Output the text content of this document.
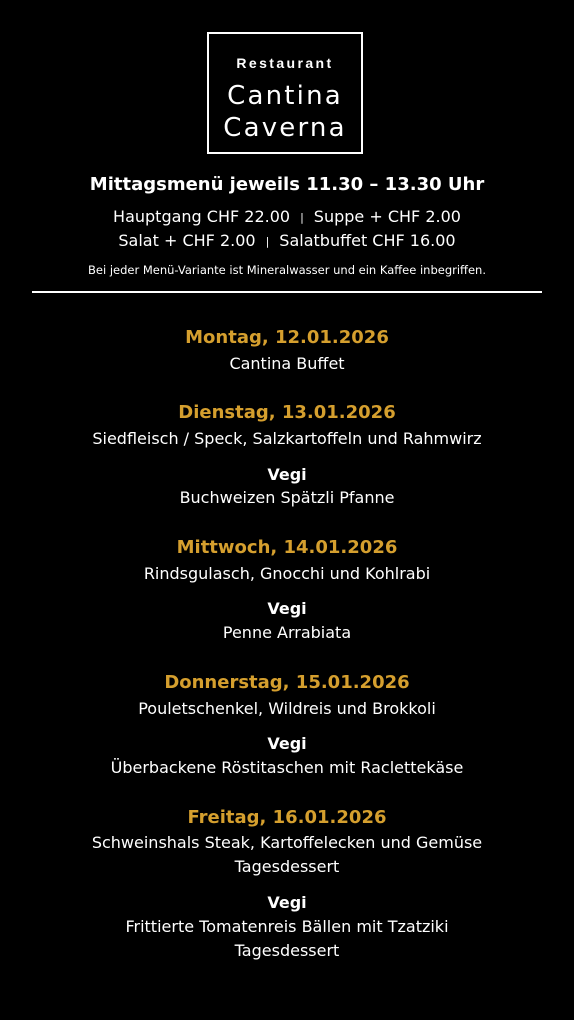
Restaurant
Cantina
Caverna
Mittagsmenü jeweils 11.30 – 13.30 Uhr
Hauptgang CHF 22.00 | Suppe + CHF 2.00
Salat + CHF 2.00 | Salatbuffet CHF 16.00
Bei jeder Menü-Variante ist Mineralwasser und ein Kaffee inbegriffen.
Montag, 12.01.2026
Cantina Buffet
Dienstag, 13.01.2026
Siedfleisch / Speck, Salzkartoffeln und Rahmwirz
Vegi
Buchweizen Spätzli Pfanne
Mittwoch, 14.01.2026
Rindsgulasch, Gnocchi und Kohlrabi
Vegi
Penne Arrabiata
Donnerstag, 15.01.2026
Pouletschenkel, Wildreis und Brokkoli
Vegi
Überbackene Röstitaschen mit Raclettekäse
Freitag, 16.01.2026
Schweinshals Steak, Kartoffelecken und Gemüse
Tagesdessert
Vegi
Frittierte Tomatenreis Bällen mit Tzatziki
Tagesdessert
